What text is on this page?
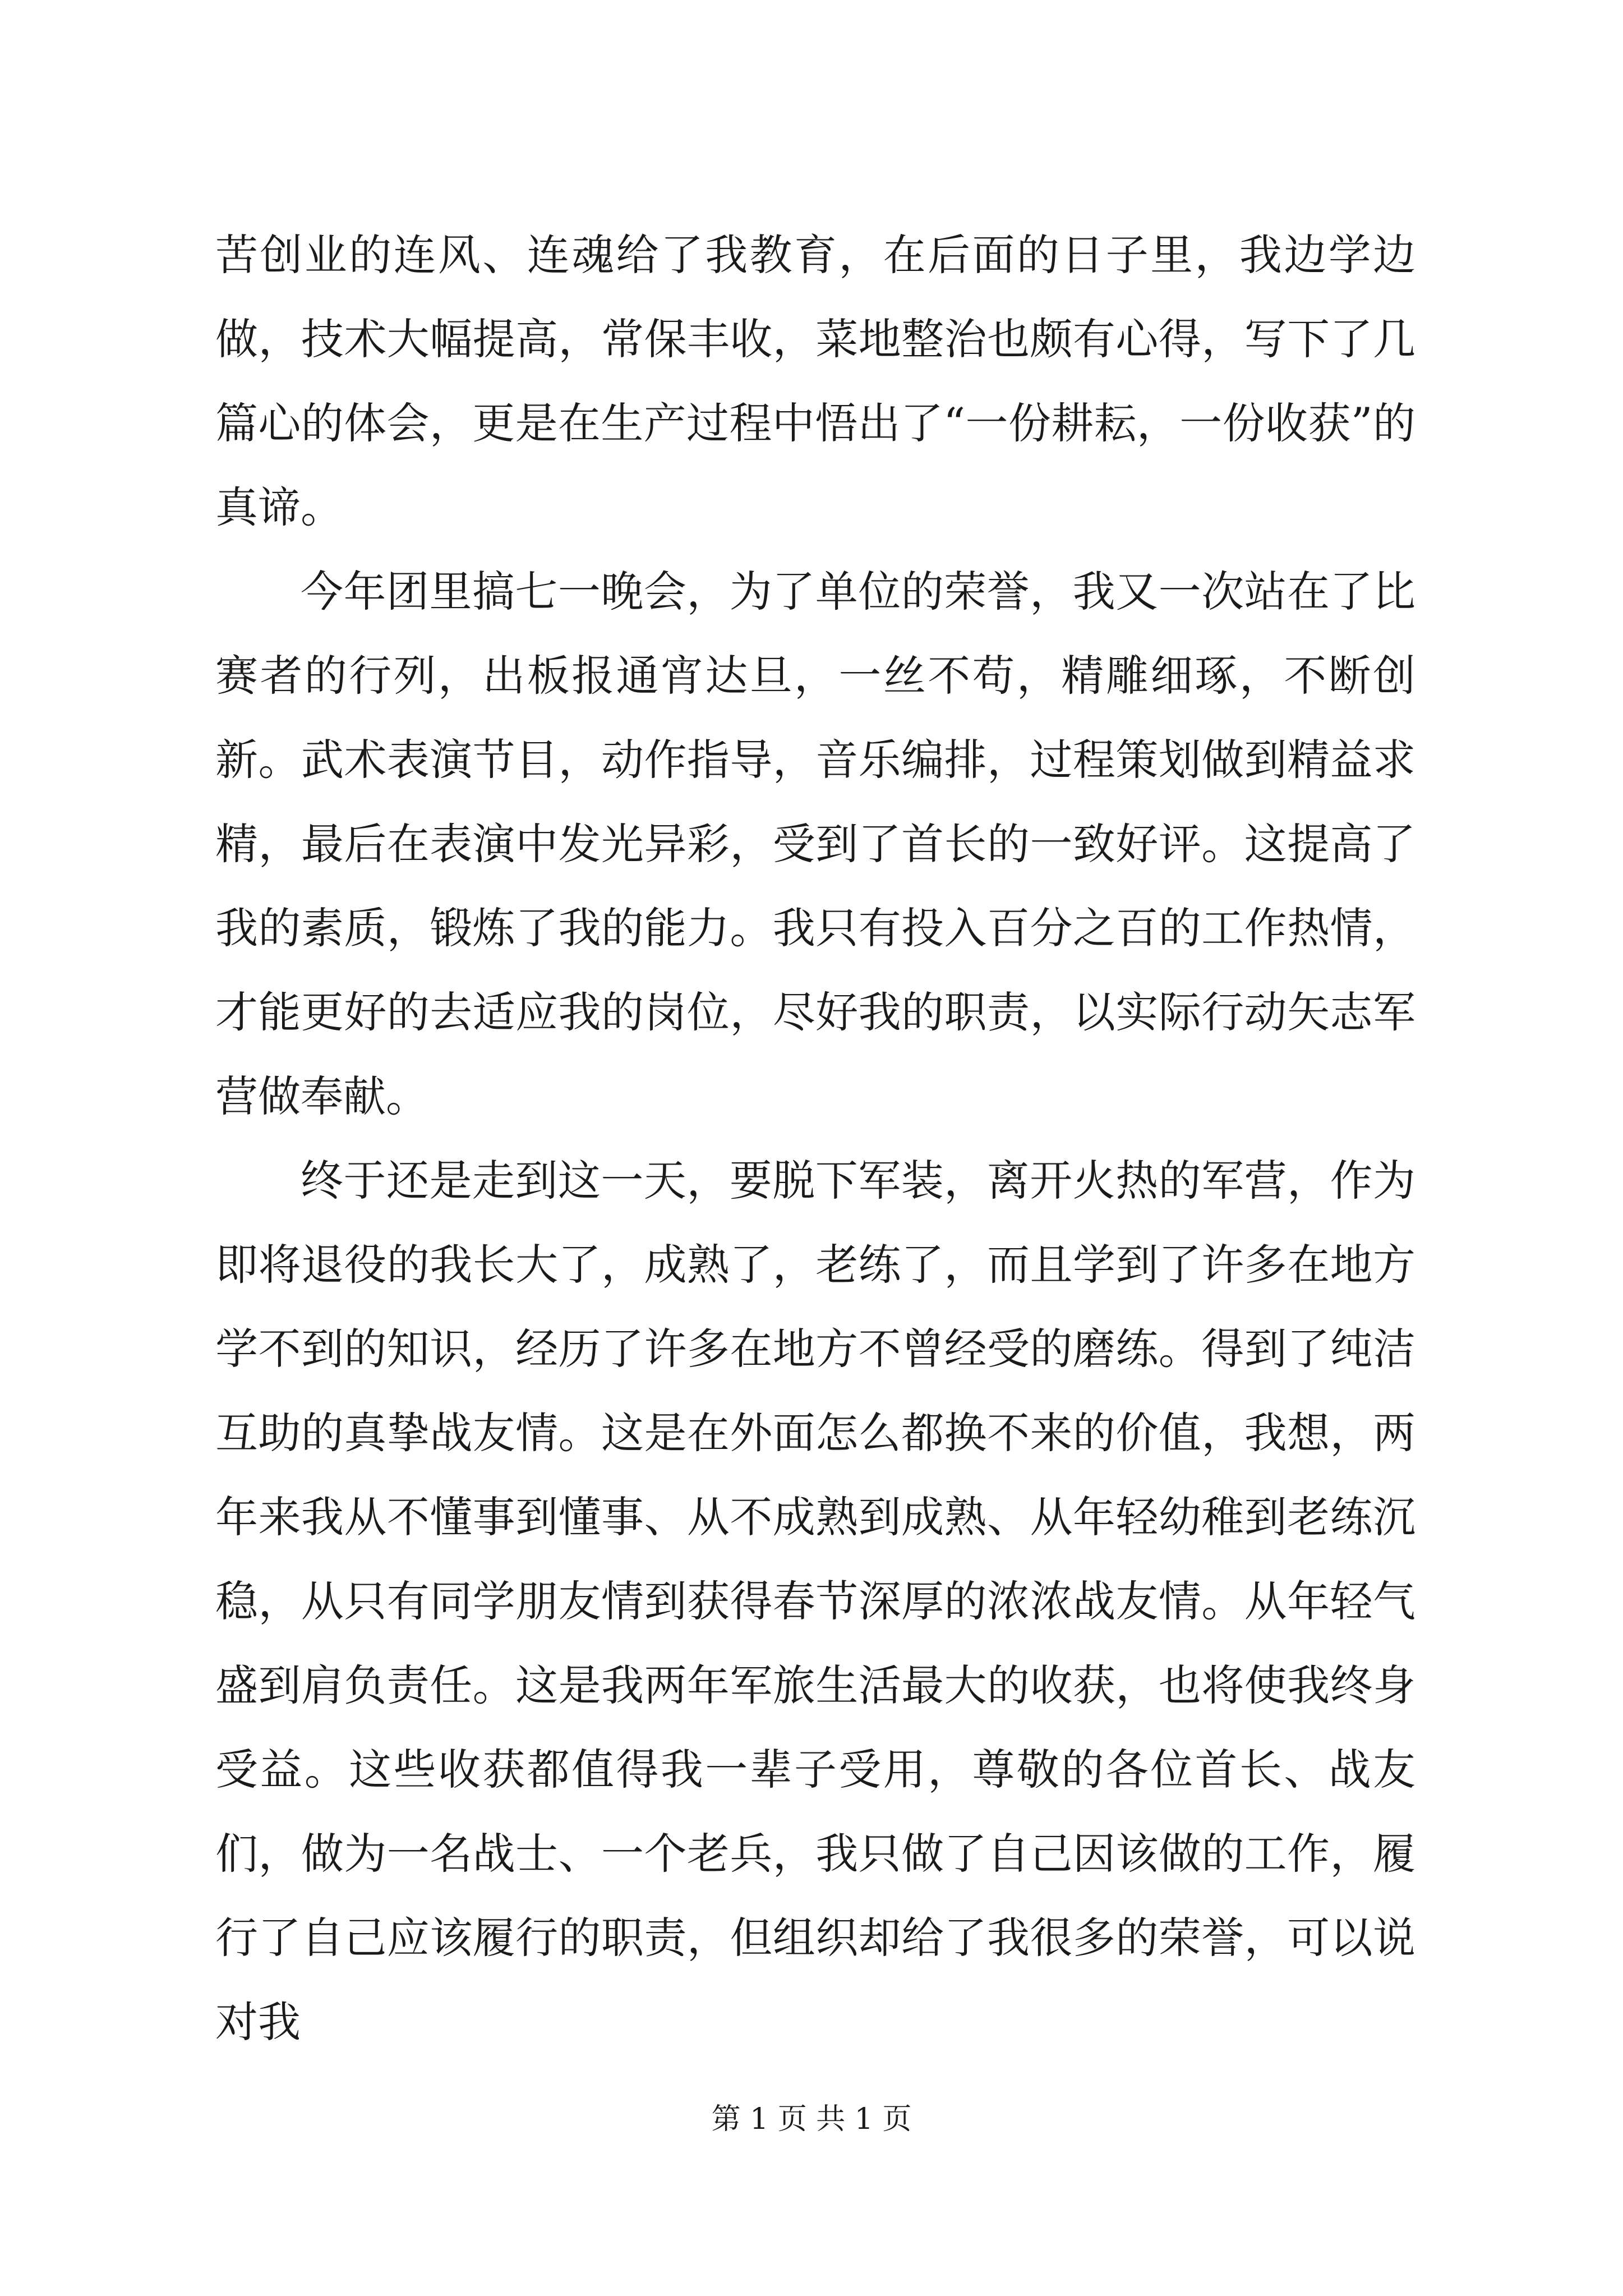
苦创业的连风、连魂给了我教育，在后面的日子里，我边学边做，技术大幅提高，常保丰收，菜地整治也颇有心得，写下了几篇心的体会，更是在生产过程中悟出了“一份耕耘，一份收获”的真谛。

今年团里搞七一晚会，为了单位的荣誉，我又一次站在了比赛者的行列，出板报通宵达旦，一丝不苟，精雕细琢，不断创新。武术表演节目，动作指导，音乐编排，过程策划做到精益求精，最后在表演中发光异彩，受到了首长的一致好评。这提高了我的素质，锻炼了我的能力。我只有投入百分之百的工作热情，才能更好的去适应我的岗位，尽好我的职责，以实际行动矢志军营做奉献。

终于还是走到这一天，要脱下军装，离开火热的军营，作为即将退役的我长大了，成熟了，老练了，而且学到了许多在地方学不到的知识，经历了许多在地方不曾经受的磨练。得到了纯洁互助的真挚战友情。这是在外面怎么都换不来的价值，我想，两年来我从不懂事到懂事、从不成熟到成熟、从年轻幼稚到老练沉稳，从只有同学朋友情到获得春节深厚的浓浓战友情。从年轻气盛到肩负责任。这是我两年军旅生活最大的收获，也将使我终身受益。这些收获都值得我一辈子受用，尊敬的各位首长、战友们，做为一名战士、一个老兵，我只做了自己因该做的工作，履行了自己应该履行的职责，但组织却给了我很多的荣誉，可以说对我

第 1 页 共 1 页
